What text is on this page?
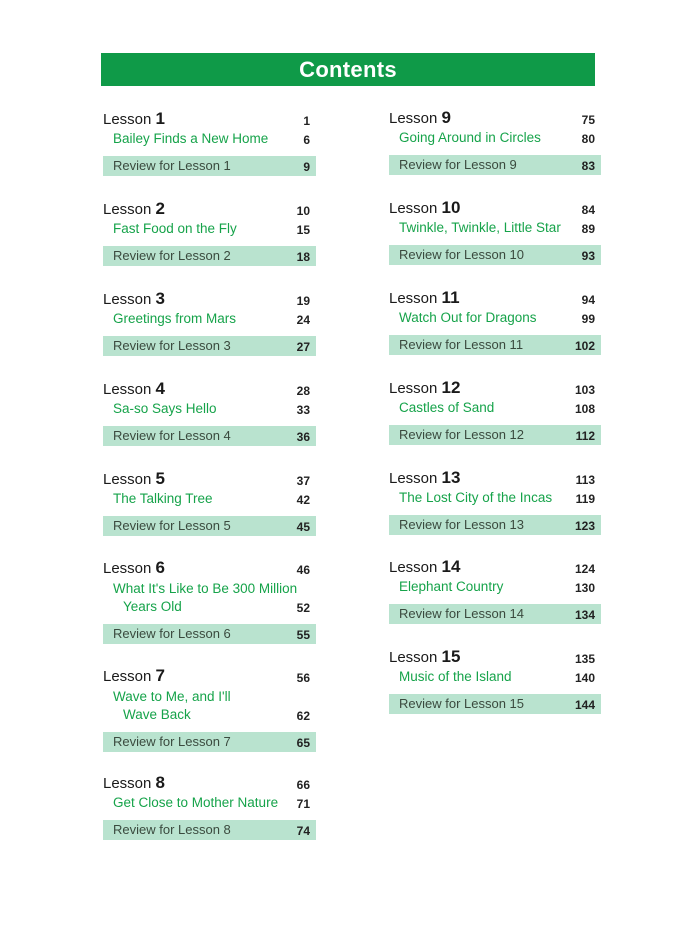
Contents
Lesson 1	1
Bailey Finds a New Home	6
Review for Lesson 1	9
Lesson 2	10
Fast Food on the Fly	15
Review for Lesson 2	18
Lesson 3	19
Greetings from Mars	24
Review for Lesson 3	27
Lesson 4	28
Sa-so Says Hello	33
Review for Lesson 4	36
Lesson 5	37
The Talking Tree	42
Review for Lesson 5	45
Lesson 6	46
What It's Like to Be 300 Million
Years Old	52
Review for Lesson 6	55
Lesson 7	56
Wave to Me, and I'll
Wave Back	62
Review for Lesson 7	65
Lesson 8	66
Get Close to Mother Nature 71
Review for Lesson 8	74
Lesson 9	75
Going Around in Circles	80
Review for Lesson 9	83
Lesson 10	84
Twinkle, Twinkle, Little Star 89
Review for Lesson 10	93
Lesson 11	94
Watch Out for Dragons	99
Review for Lesson 11	102
Lesson 12	103
Castles of Sand	108
Review for Lesson 12	112
Lesson 13	113
The Lost City of the Incas 119
Review for Lesson 13	123
Lesson 14	124
Elephant Country	130
Review for Lesson 14	134
Lesson 15	135
Music of the Island	140
Review for Lesson 15	144
